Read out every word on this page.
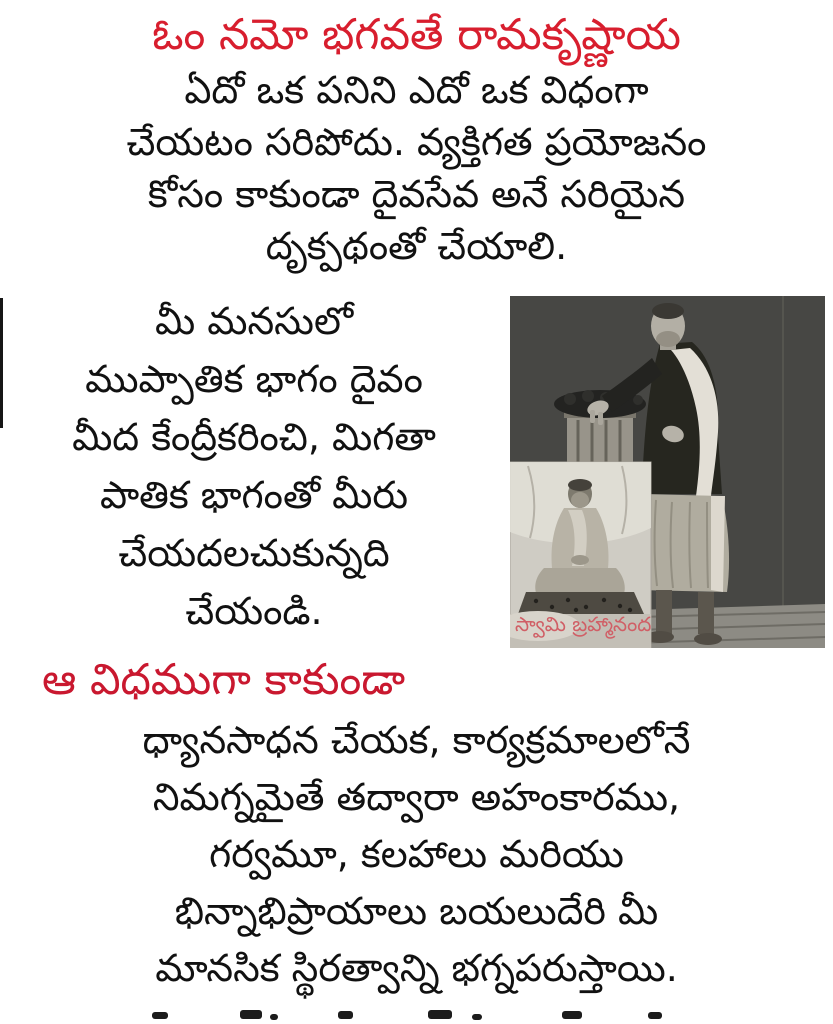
ఓం నమో భగవతే రామకృష్ణాయ
ఏదో ఒక పనిని ఎదో ఒక విధంగా
చేయటం సరిపోదు. వ్యక్తిగత ప్రయోజనం
కోసం కాకుండా దైవసేవ అనే సరియైన
దృక్పథంతో చేయాలి.
మీ మనసులో
ముప్పాతిక భాగం దైవం
మీద కేంద్రీకరించి, మిగతా
పాతిక భాగంతో మీరు
చేయదలచుకున్నది
చేయండి.	స్వామి బ్రహ్మానంద
ఆ విధముగా కాకుండా
ధ్యానసాధన చేయక, కార్యక్రమాలలోనే
నిమగ్నమైతే తద్వారా అహంకారము,
గర్వమూ, కలహాలు మరియు
భిన్నాభిప్రాయాలు బయలుదేరి మీ
మానసిక స్థిరత్వాన్ని భగ్నపరుస్తాయి.
